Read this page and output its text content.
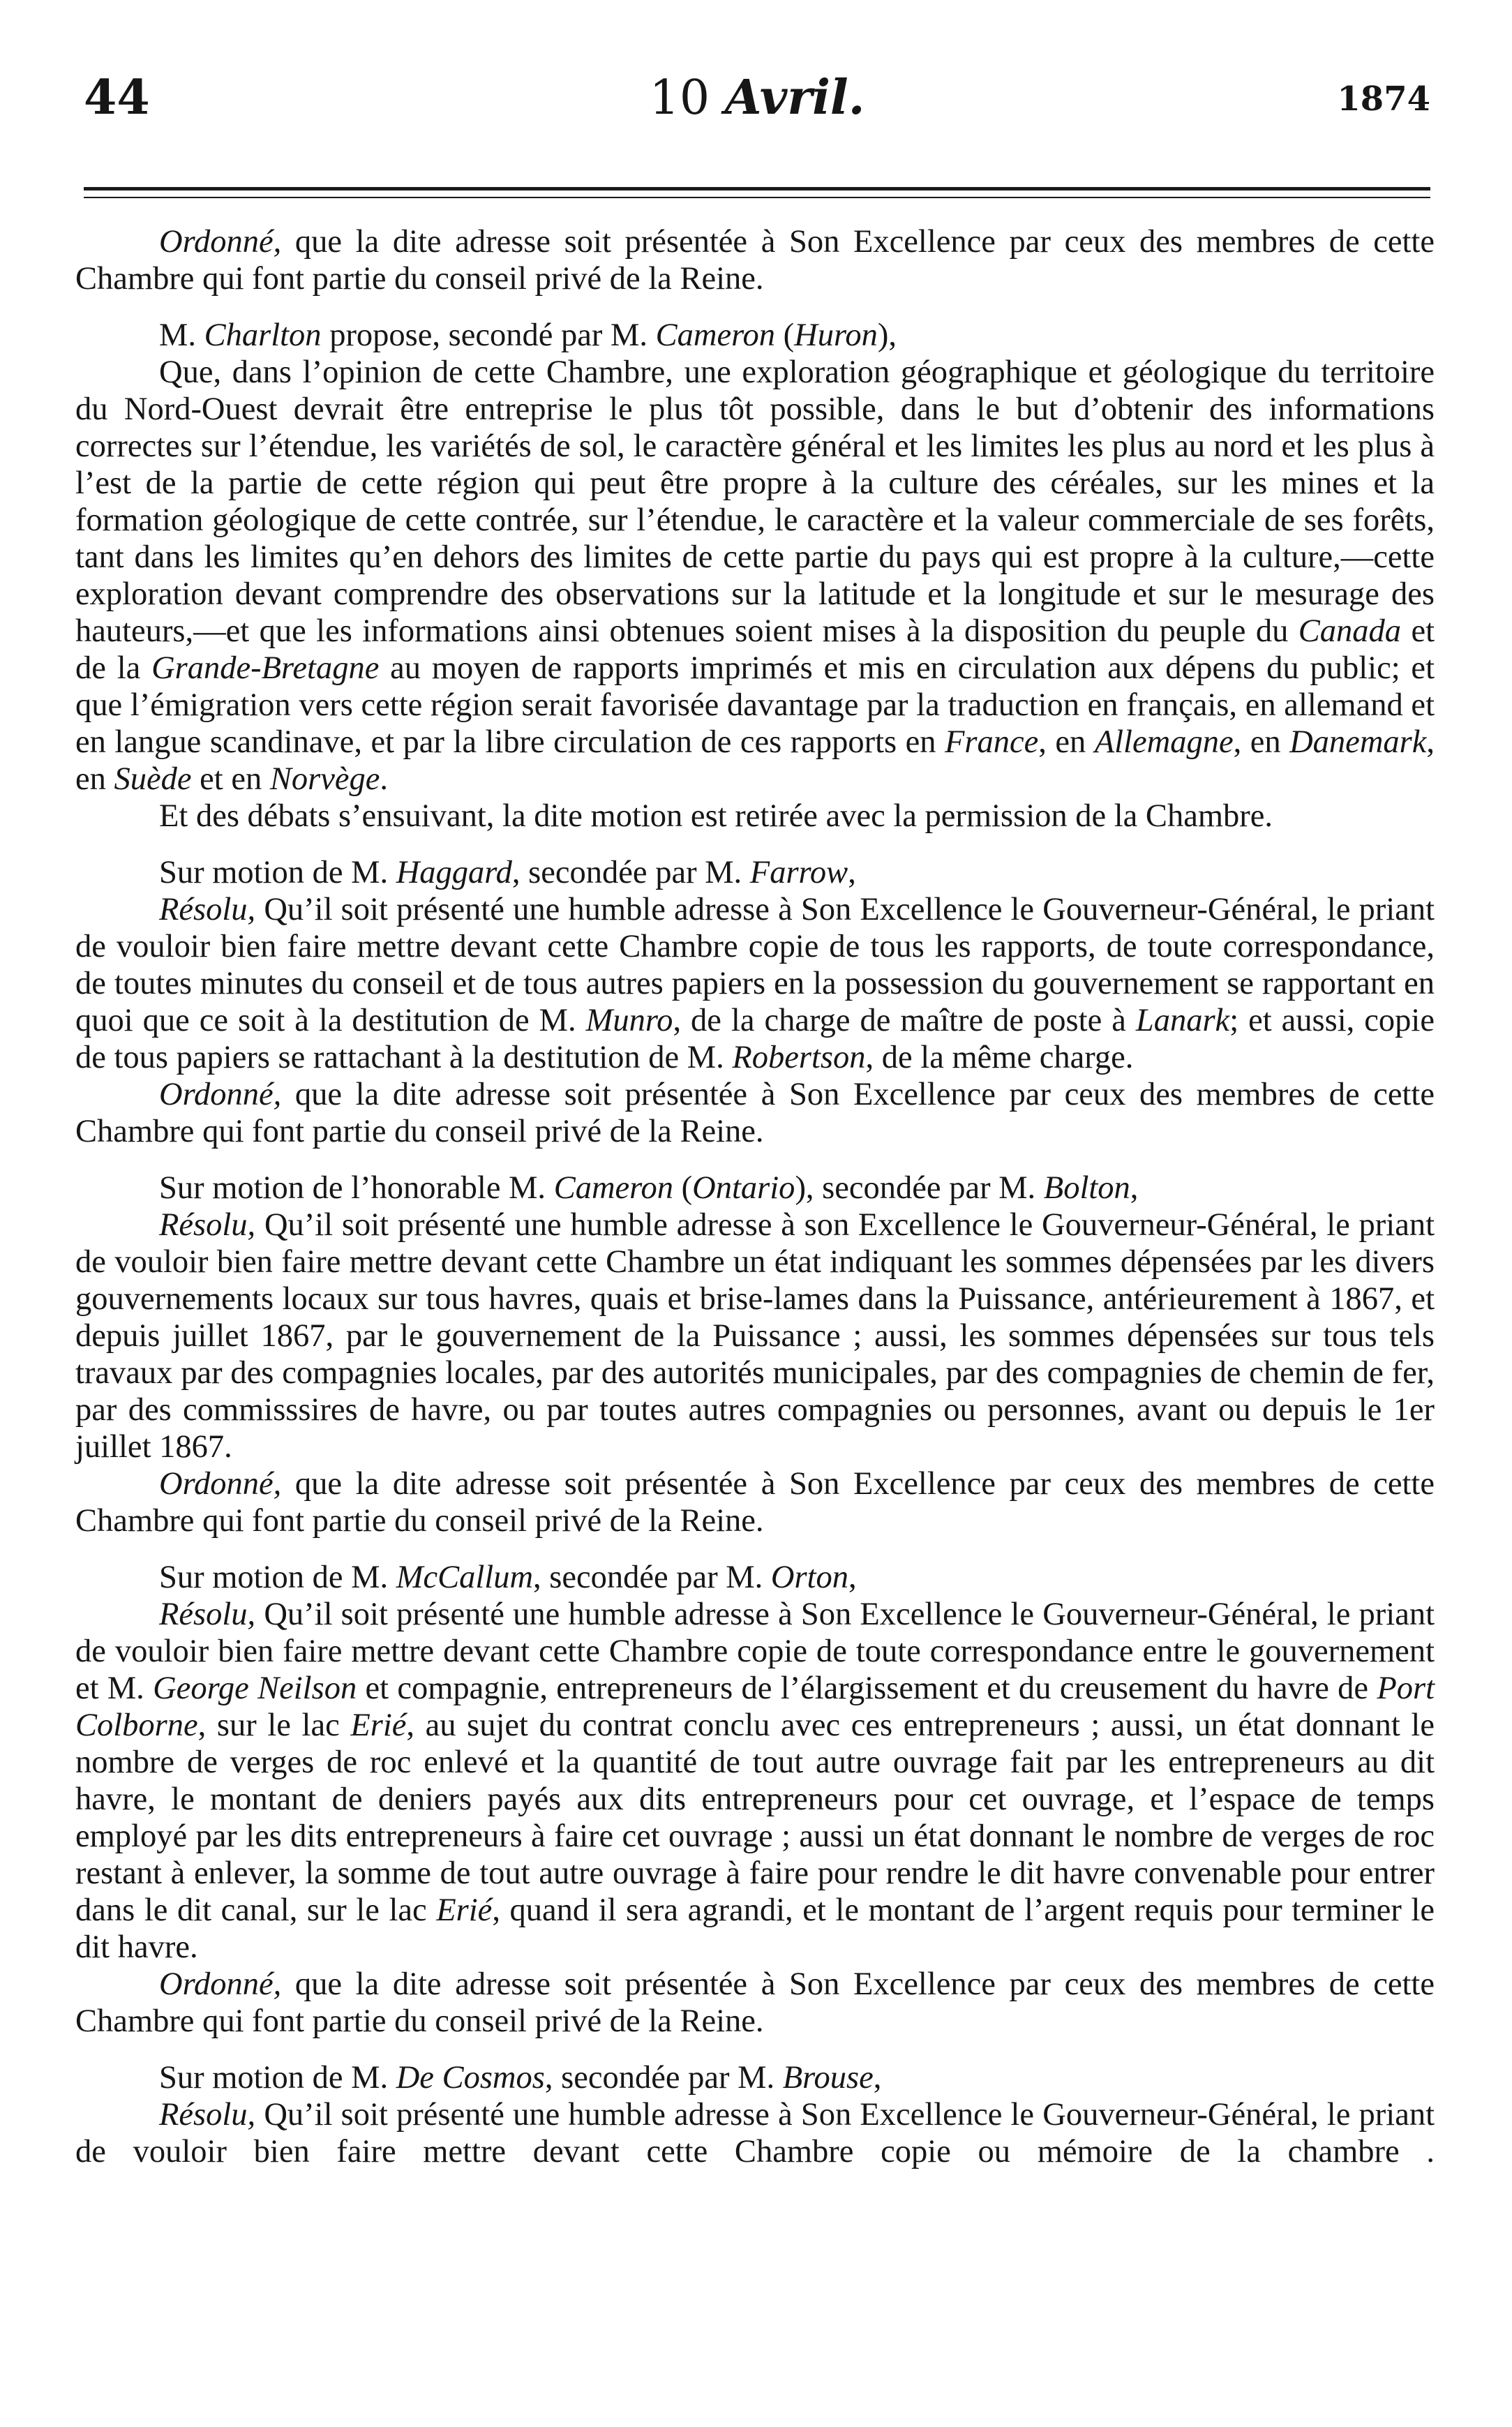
44	10 Avril.	1874

Ordonné, que la dite adresse soit présentée à Son Excellence par ceux des membres de cette Chambre qui font partie du conseil privé de la Reine.

M. Charlton propose, secondé par M. Cameron (Huron),

Que, dans l’opinion de cette Chambre, une exploration géographique et géologique du territoire du Nord-Ouest devrait être entreprise le plus tôt possible, dans le but d’obtenir des informations correctes sur l’étendue, les variétés de sol, le caractère général et les limites les plus au nord et les plus à l’est de la partie de cette région qui peut être propre à la culture des céréales, sur les mines et la formation géologique de cette contrée, sur l’étendue, le caractère et la valeur commerciale de ses forêts, tant dans les limites qu’en dehors des limites de cette partie du pays qui est propre à la culture,—cette exploration devant comprendre des observations sur la latitude et la longitude et sur le mesurage des hauteurs,—et que les informations ainsi obtenues soient mises à la disposition du peuple du Canada et de la Grande-Bretagne au moyen de rapports imprimés et mis en circulation aux dépens du public; et que l’émigration vers cette région serait favorisée davantage par la traduction en français, en allemand et en langue scandinave, et par la libre circulation de ces rapports en France, en Allemagne, en Danemark, en Suède et en Norvège.

Et des débats s’ensuivant, la dite motion est retirée avec la permission de la Chambre.

Sur motion de M. Haggard, secondée par M. Farrow,

Résolu, Qu’il soit présenté une humble adresse à Son Excellence le Gouverneur-Général, le priant de vouloir bien faire mettre devant cette Chambre copie de tous les rapports, de toute correspondance, de toutes minutes du conseil et de tous autres papiers en la possession du gouvernement se rapportant en quoi que ce soit à la destitution de M. Munro, de la charge de maître de poste à Lanark; et aussi, copie de tous papiers se rattachant à la destitution de M. Robertson, de la même charge.

Ordonné, que la dite adresse soit présentée à Son Excellence par ceux des membres de cette Chambre qui font partie du conseil privé de la Reine.

Sur motion de l’honorable M. Cameron (Ontario), secondée par M. Bolton,

Résolu, Qu’il soit présenté une humble adresse à son Excellence le Gouverneur-Général, le priant de vouloir bien faire mettre devant cette Chambre un état indiquant les sommes dépensées par les divers gouvernements locaux sur tous havres, quais et brise-lames dans la Puissance, antérieurement à 1867, et depuis juillet 1867, par le gouvernement de la Puissance ; aussi, les sommes dépensées sur tous tels travaux par des compagnies locales, par des autorités municipales, par des compagnies de chemin de fer, par des commisssires de havre, ou par toutes autres compagnies ou personnes, avant ou depuis le 1er juillet 1867.

Ordonné, que la dite adresse soit présentée à Son Excellence par ceux des membres de cette Chambre qui font partie du conseil privé de la Reine.

Sur motion de M. McCallum, secondée par M. Orton,

Résolu, Qu’il soit présenté une humble adresse à Son Excellence le Gouverneur-Général, le priant de vouloir bien faire mettre devant cette Chambre copie de toute correspondance entre le gouvernement et M. George Neilson et compagnie, entrepreneurs de l’élargissement et du creusement du havre de Port Colborne, sur le lac Erié, au sujet du contrat conclu avec ces entrepreneurs ; aussi, un état donnant le nombre de verges de roc enlevé et la quantité de tout autre ouvrage fait par les entrepreneurs au dit havre, le montant de deniers payés aux dits entrepreneurs pour cet ouvrage, et l’espace de temps employé par les dits entrepreneurs à faire cet ouvrage ; aussi un état donnant le nombre de verges de roc restant à enlever, la somme de tout autre ouvrage à faire pour rendre le dit havre convenable pour entrer dans le dit canal, sur le lac Erié, quand il sera agrandi, et le montant de l’argent requis pour terminer le dit havre.

Ordonné, que la dite adresse soit présentée à Son Excellence par ceux des membres de cette Chambre qui font partie du conseil privé de la Reine.

Sur motion de M. De Cosmos, secondée par M. Brouse,

Résolu, Qu’il soit présenté une humble adresse à Son Excellence le Gouverneur-Général, le priant de vouloir bien faire mettre devant cette Chambre copie ou mémoire de la chambre .
